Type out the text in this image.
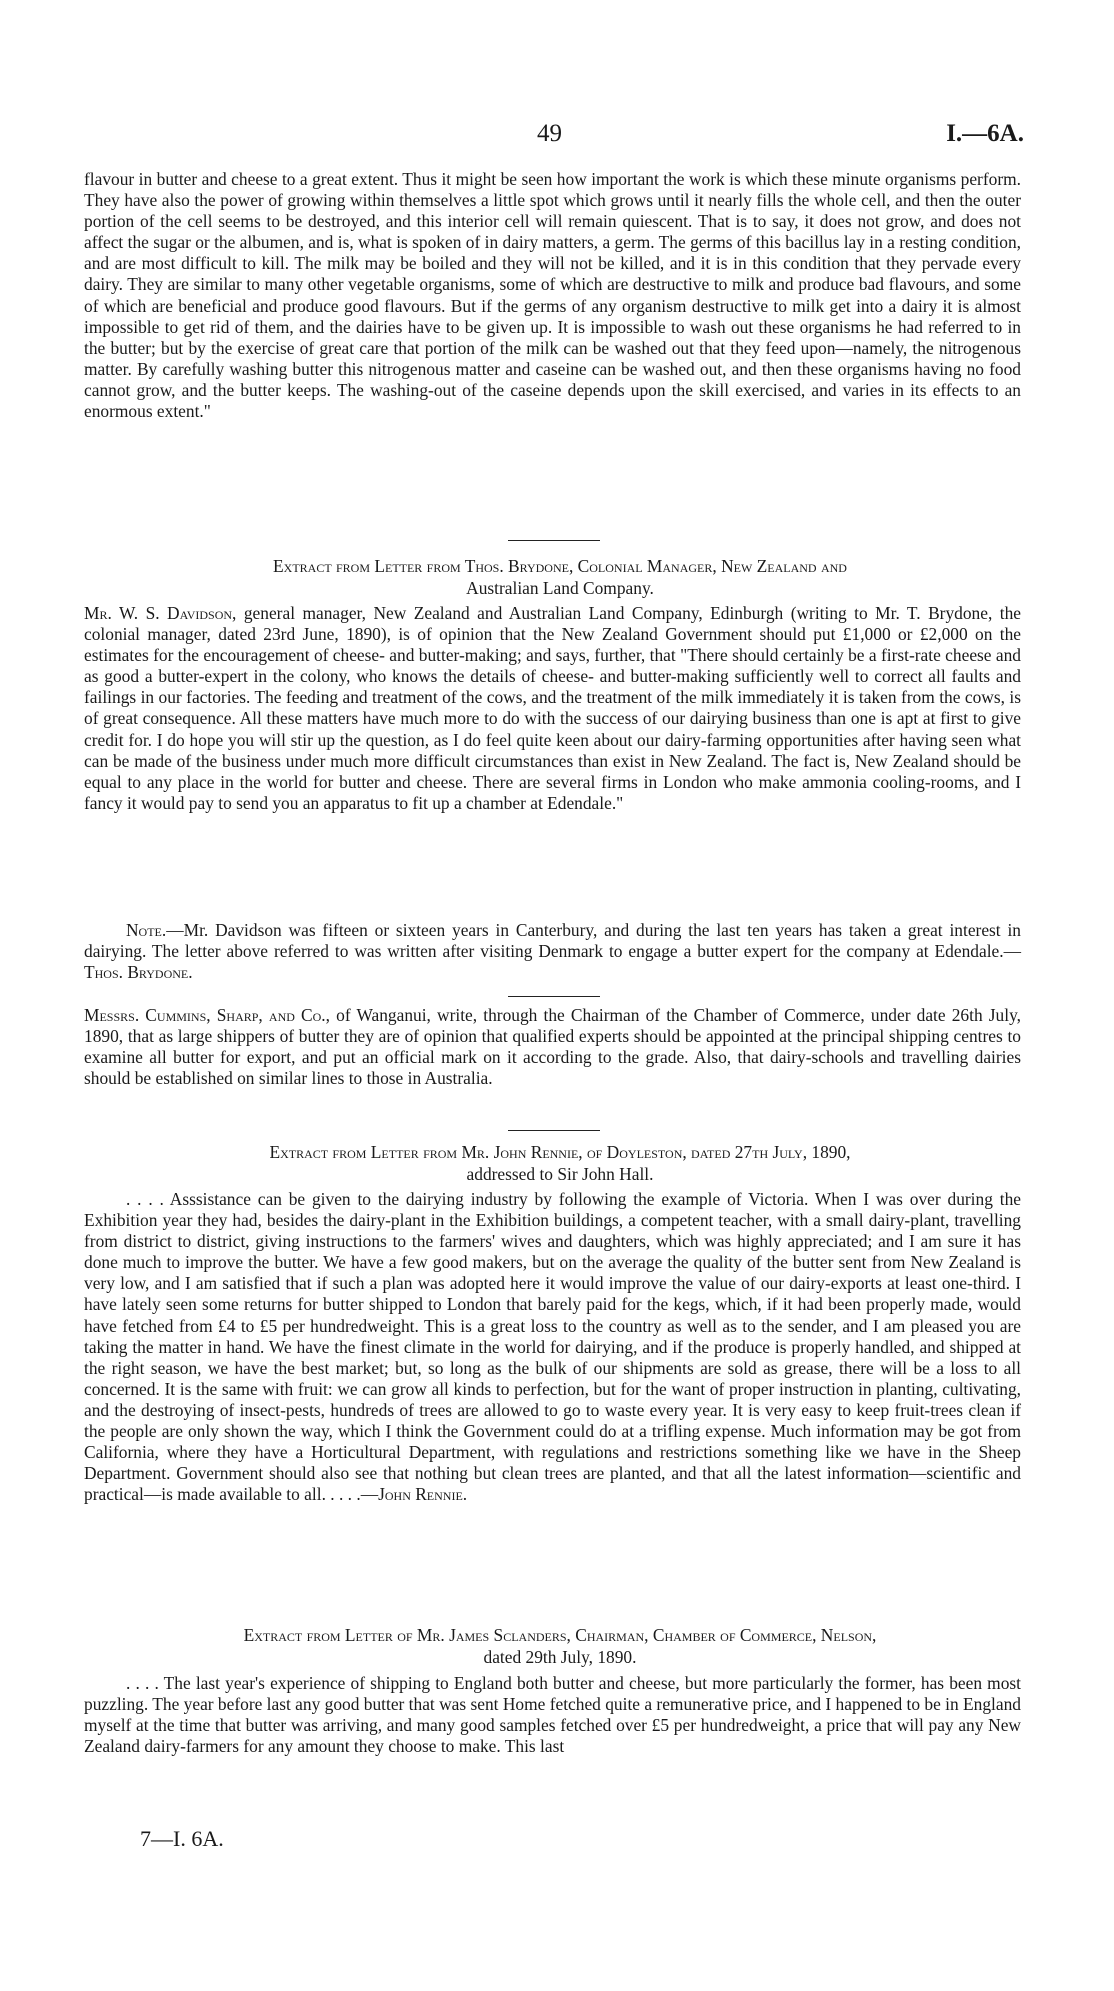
49	I.—6A.
flavour in butter and cheese to a great extent. Thus it might be seen how important the work is which these minute organisms perform. They have also the power of growing within themselves a little spot which grows until it nearly fills the whole cell, and then the outer portion of the cell seems to be destroyed, and this interior cell will remain quiescent. That is to say, it does not grow, and does not affect the sugar or the albumen, and is, what is spoken of in dairy matters, a germ. The germs of this bacillus lay in a resting condition, and are most difficult to kill. The milk may be boiled and they will not be killed, and it is in this condition that they pervade every dairy. They are similar to many other vegetable organisms, some of which are destructive to milk and produce bad flavours, and some of which are beneficial and produce good flavours. But if the germs of any organism destructive to milk get into a dairy it is almost impossible to get rid of them, and the dairies have to be given up. It is impossible to wash out these organisms he had referred to in the butter; but by the exercise of great care that portion of the milk can be washed out that they feed upon—namely, the nitrogenous matter. By carefully washing butter this nitrogenous matter and caseine can be washed out, and then these organisms having no food cannot grow, and the butter keeps. The washing-out of the caseine depends upon the skill exercised, and varies in its effects to an enormous extent."
Extract from Letter from Thos. Brydone, Colonial Manager, New Zealand and
Australian Land Company.
Mr. W. S. Davidson, general manager, New Zealand and Australian Land Company, Edinburgh (writing to Mr. T. Brydone, the colonial manager, dated 23rd June, 1890), is of opinion that the New Zealand Government should put £1,000 or £2,000 on the estimates for the encouragement of cheese- and butter-making; and says, further, that "There should certainly be a first-rate cheese and as good a butter-expert in the colony, who knows the details of cheese- and butter-making sufficiently well to correct all faults and failings in our factories. The feeding and treatment of the cows, and the treatment of the milk immediately it is taken from the cows, is of great consequence. All these matters have much more to do with the success of our dairying business than one is apt at first to give credit for. I do hope you will stir up the question, as I do feel quite keen about our dairy-farming opportunities after having seen what can be made of the business under much more difficult circumstances than exist in New Zealand. The fact is, New Zealand should be equal to any place in the world for butter and cheese. There are several firms in London who make ammonia cooling-rooms, and I fancy it would pay to send you an apparatus to fit up a chamber at Edendale."
Note.—Mr. Davidson was fifteen or sixteen years in Canterbury, and during the last ten years has taken a great interest in dairying. The letter above referred to was written after visiting Denmark to engage a butter expert for the company at Edendale.—Thos. Brydone.
Messrs. Cummins, Sharp, and Co., of Wanganui, write, through the Chairman of the Chamber of Commerce, under date 26th July, 1890, that as large shippers of butter they are of opinion that qualified experts should be appointed at the principal shipping centres to examine all butter for export, and put an official mark on it according to the grade. Also, that dairy-schools and travelling dairies should be established on similar lines to those in Australia.
Extract from Letter from Mr. John Rennie, of Doyleston, dated 27th July, 1890,
addressed to Sir John Hall.
. . . . Asssistance can be given to the dairying industry by following the example of Victoria. When I was over during the Exhibition year they had, besides the dairy-plant in the Exhibition buildings, a competent teacher, with a small dairy-plant, travelling from district to district, giving instructions to the farmers' wives and daughters, which was highly appreciated; and I am sure it has done much to improve the butter. We have a few good makers, but on the average the quality of the butter sent from New Zealand is very low, and I am satisfied that if such a plan was adopted here it would improve the value of our dairy-exports at least one-third. I have lately seen some returns for butter shipped to London that barely paid for the kegs, which, if it had been properly made, would have fetched from £4 to £5 per hundredweight. This is a great loss to the country as well as to the sender, and I am pleased you are taking the matter in hand. We have the finest climate in the world for dairying, and if the produce is properly handled, and shipped at the right season, we have the best market; but, so long as the bulk of our shipments are sold as grease, there will be a loss to all concerned. It is the same with fruit: we can grow all kinds to perfection, but for the want of proper instruction in planting, cultivating, and the destroying of insect-pests, hundreds of trees are allowed to go to waste every year. It is very easy to keep fruit-trees clean if the people are only shown the way, which I think the Government could do at a trifling expense. Much information may be got from California, where they have a Horticultural Department, with regulations and restrictions something like we have in the Sheep Department. Government should also see that nothing but clean trees are planted, and that all the latest information—scientific and practical—is made available to all. . . . .—John Rennie.
Extract from Letter of Mr. James Sclanders, Chairman, Chamber of Commerce, Nelson,
dated 29th July, 1890.
. . . . The last year's experience of shipping to England both butter and cheese, but more particularly the former, has been most puzzling. The year before last any good butter that was sent Home fetched quite a remunerative price, and I happened to be in England myself at the time that butter was arriving, and many good samples fetched over £5 per hundredweight, a price that will pay any New Zealand dairy-farmers for any amount they choose to make. This last
7—I. 6A.
